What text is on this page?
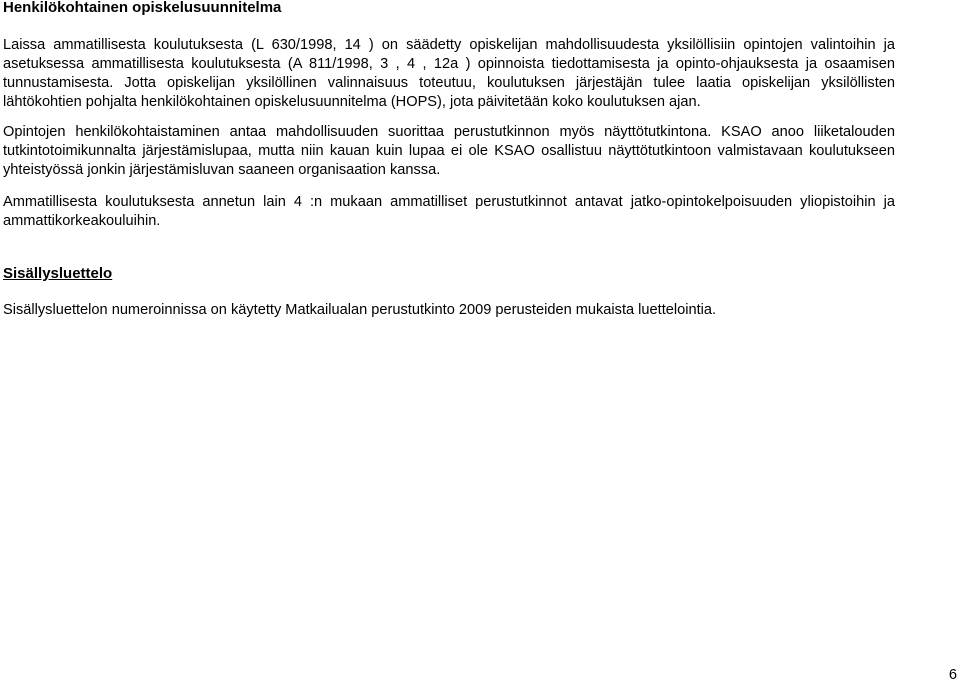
Henkilökohtainen opiskelusuunnitelma

Laissa ammatillisesta koulutuksesta (L 630/1998, 14 ) on säädetty opiskelijan mahdollisuudesta yksilöllisiin opintojen valintoihin ja asetuksessa ammatillisesta koulutuksesta (A 811/1998, 3 , 4 , 12a ) opinnoista tiedottamisesta ja opinto-ohjauksesta ja osaamisen tunnustamisesta. Jotta opiskelijan yksilöllinen valinnaisuus toteutuu, koulutuksen järjestäjän tulee laatia opiskelijan yksilöllisten lähtökohtien pohjalta henkilökohtainen opiskelusuunnitelma (HOPS), jota päivitetään koko koulutuksen ajan.

Opintojen henkilökohtaistaminen antaa mahdollisuuden suorittaa perustutkinnon myös näyttötutkintona. KSAO anoo liiketalouden tutkintotoimikunnalta järjestämislupaa, mutta niin kauan kuin lupaa ei ole KSAO osallistuu näyttötutkintoon valmistavaan koulutukseen yhteistyössä jonkin järjestämisluvan saaneen organisaation kanssa.

Ammatillisesta koulutuksesta annetun lain 4 :n mukaan ammatilliset perustutkinnot antavat jatko-opintokelpoisuuden yliopistoihin ja ammattikorkeakouluihin.

Sisällysluettelo

Sisällysluettelon numeroinnissa on käytetty Matkailualan perustutkinto 2009 perusteiden mukaista luettelointia.

6
